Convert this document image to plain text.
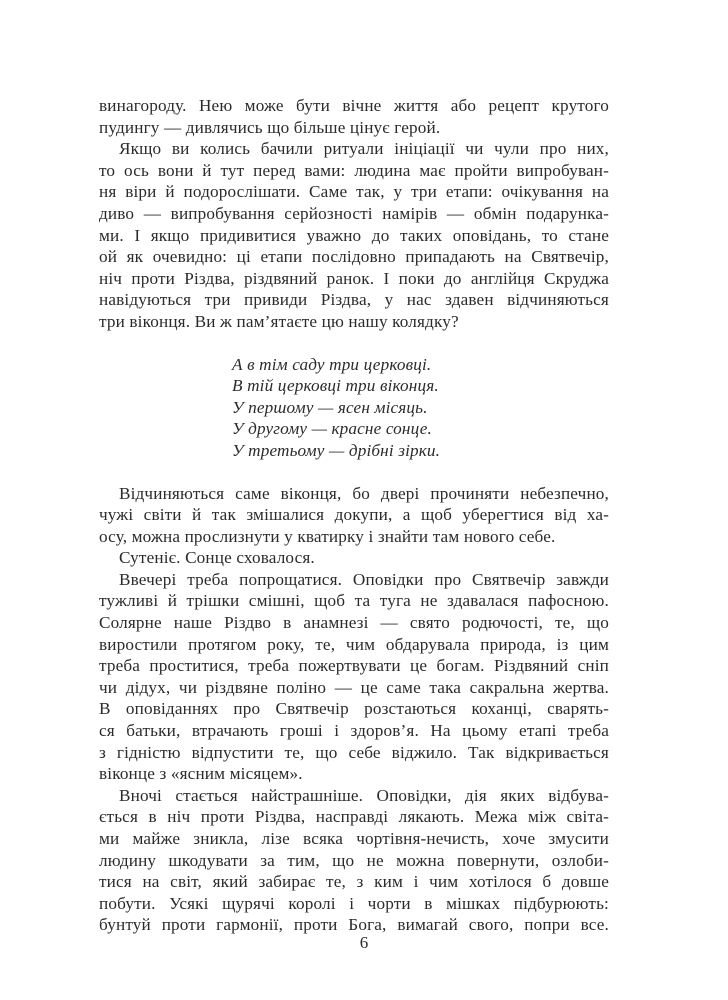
винагороду. Нею може бути вічне життя або рецепт крутого
пудингу — дивлячись що більше цінує герой.

Якщо ви колись бачили ритуали ініціації чи чули про них,
то ось вони й тут перед вами: людина має пройти випробуван-
ня віри й подорослішати. Саме так, у три етапи: очікування на
диво — випробування серйозності намірів — обмін подарунка-
ми. І якщо придивитися уважно до таких оповідань, то стане
ой як очевидно: ці етапи послідовно припадають на Святвечір,
ніч проти Різдва, різдвяний ранок. І поки до англійця Скруджа
навідуються три привиди Різдва, у нас здавен відчиняються
три віконця. Ви ж пам’ятаєте цю нашу колядку?

А в тім саду три церковці.
В тій церковці три віконця.
У першому — ясен місяць.
У другому — красне сонце.
У третьому — дрібні зірки.

Відчиняються саме віконця, бо двері прочиняти небезпечно,
чужі світи й так змішалися докупи, а щоб уберегтися від ха-
осу, можна прослизнути у кватирку і знайти там нового себе.

Сутеніє. Сонце сховалося.

Ввечері треба попрощатися. Оповідки про Святвечір завжди
тужливі й трішки смішні, щоб та туга не здавалася пафосною.
Солярне наше Різдво в анамнезі — свято родючості, те, що
виростили протягом року, те, чим обдарувала природа, із цим
треба проститися, треба пожертвувати це богам. Різдвяний сніп
чи дідух, чи різдвяне поліно — це саме така сакральна жертва.
В оповіданнях про Святвечір розстаються коханці, сварять-
ся батьки, втрачають гроші і здоров’я. На цьому етапі треба
з гідністю відпустити те, що себе віджило. Так відкривається
віконце з «ясним місяцем».

Вночі стається найстрашніше. Оповідки, дія яких відбува-
ється в ніч проти Різдва, насправді лякають. Межа між світа-
ми майже зникла, лізе всяка чортівня-нечисть, хоче змусити
людину шкодувати за тим, що не можна повернути, озлоби-
тися на світ, який забирає те, з ким і чим хотілося б довше
побути. Усякі щурячі королі і чорти в мішках підбурюють:
бунтуй проти гармонії, проти Бога, вимагай свого, попри все.

6
